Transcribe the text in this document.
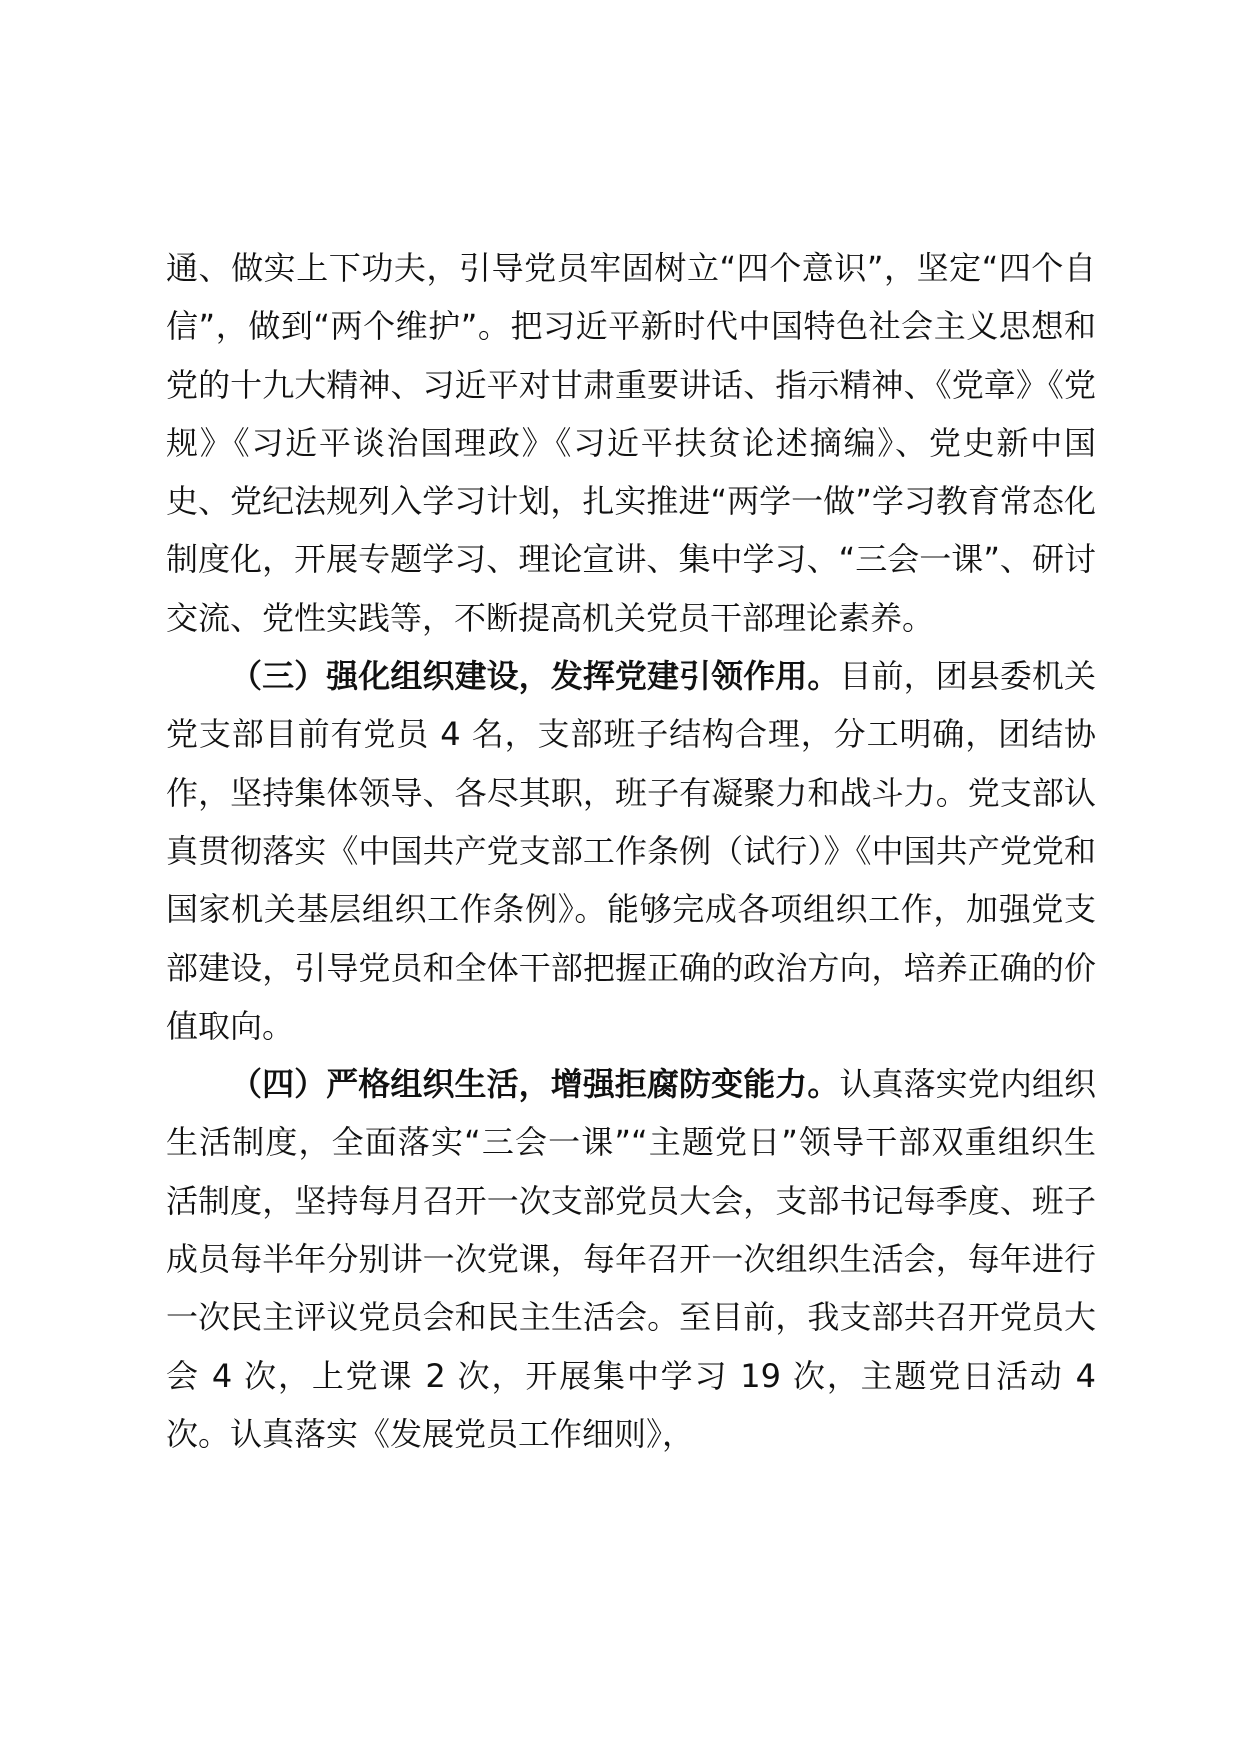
通、做实上下功夫，引导党员牢固树立“四个意识”，坚定“四个自信”，做到“两个维护”。把习近平新时代中国特色社会主义思想和党的十九大精神、习近平对甘肃重要讲话、指示精神、《党章》《党规》《习近平谈治国理政》《习近平扶贫论述摘编》、党史新中国史、党纪法规列入学习计划，扎实推进“两学一做”学习教育常态化制度化，开展专题学习、理论宣讲、集中学习、“三会一课”、研讨交流、党性实践等，不断提高机关党员干部理论素养。

（三）强化组织建设，发挥党建引领作用。目前，团县委机关党支部目前有党员 4 名，支部班子结构合理，分工明确，团结协作，坚持集体领导、各尽其职，班子有凝聚力和战斗力。党支部认真贯彻落实《中国共产党支部工作条例（试行）》《中国共产党党和国家机关基层组织工作条例》。能够完成各项组织工作，加强党支部建设，引导党员和全体干部把握正确的政治方向，培养正确的价值取向。

（四）严格组织生活，增强拒腐防变能力。认真落实党内组织生活制度，全面落实“三会一课”“主题党日”领导干部双重组织生活制度，坚持每月召开一次支部党员大会，支部书记每季度、班子成员每半年分别讲一次党课，每年召开一次组织生活会，每年进行一次民主评议党员会和民主生活会。至目前，我支部共召开党员大会 4 次，上党课 2 次，开展集中学习 19 次，主题党日活动 4 次。认真落实《发展党员工作细则》，
